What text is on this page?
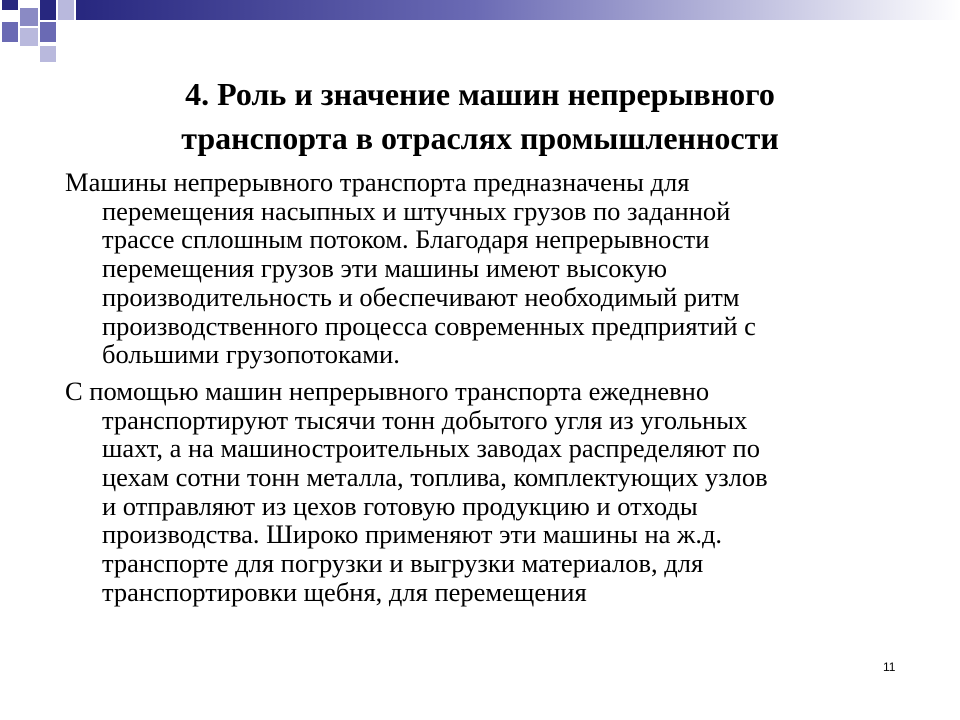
4. Роль и значение машин непрерывного
транспорта в отраслях промышленности

Машины непрерывного транспорта предназначены для
перемещения насыпных и штучных грузов по заданной
трассе сплошным потоком. Благодаря непрерывности
перемещения грузов эти машины имеют высокую
производительность и обеспечивают необходимый ритм
производственного процесса современных предприятий с
большими грузопотоками.

С помощью машин непрерывного транспорта ежедневно
транспортируют тысячи тонн добытого угля из угольных
шахт, а на машиностроительных заводах распределяют по
цехам сотни тонн металла, топлива, комплектующих узлов
и отправляют из цехов готовую продукцию и отходы
производства. Широко применяют эти машины на ж.д.
транспорте для погрузки и выгрузки материалов, для
транспортировки щебня, для перемещения

11
